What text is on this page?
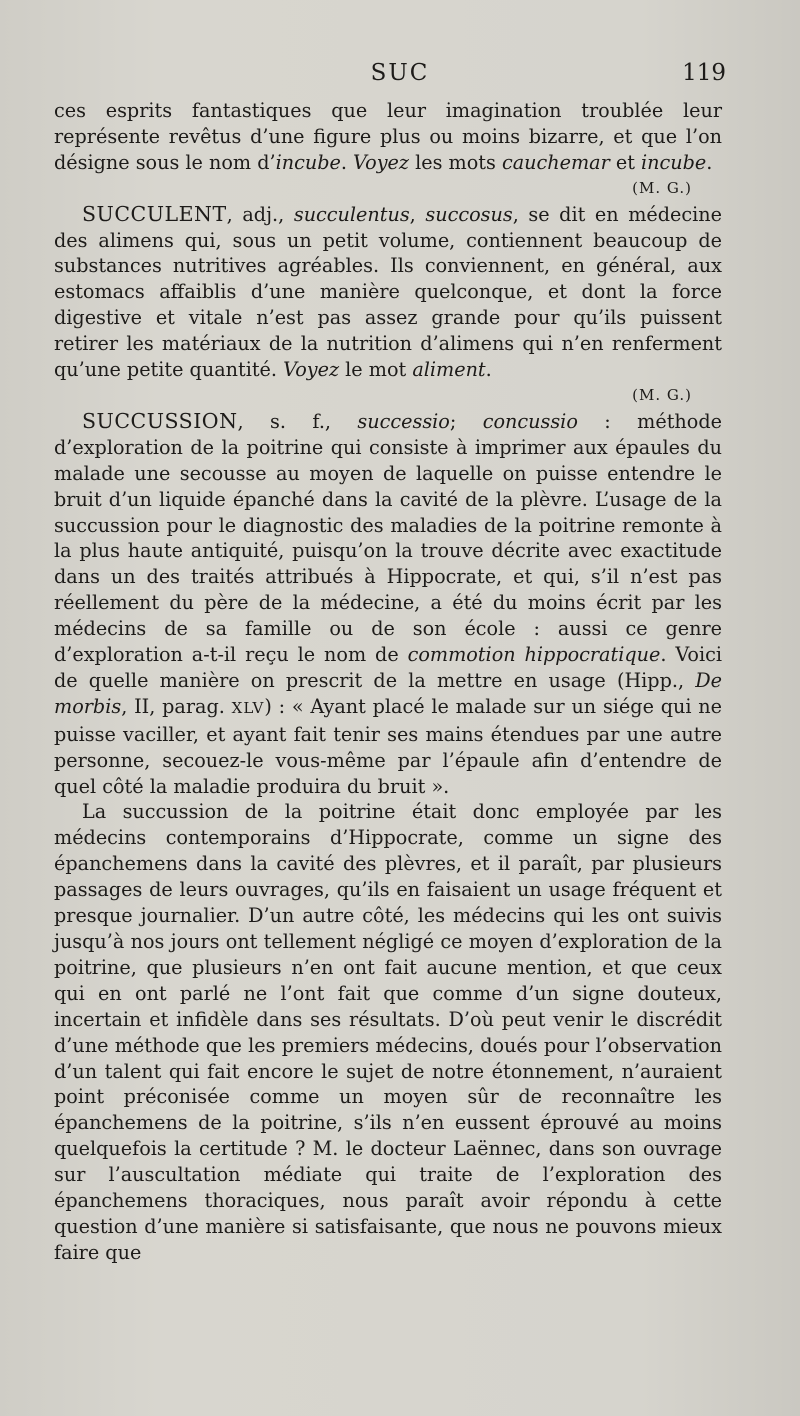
SUC	119

ces esprits fantastiques que leur imagination troublée leur représente revêtus d’une figure plus ou moins bizarre, et que l’on désigne sous le nom d’incube. Voyez les mots cauchemar et incube.

(M. G.)

SUCCULENT, adj., succulentus, succosus, se dit en médecine des alimens qui, sous un petit volume, contiennent beaucoup de substances nutritives agréables. Ils conviennent, en général, aux estomacs affaiblis d’une manière quelconque, et dont la force digestive et vitale n’est pas assez grande pour qu’ils puissent retirer les matériaux de la nutrition d’alimens qui n’en renferment qu’une petite quantité. Voyez le mot aliment.

(M. G.)

SUCCUSSION, s. f., successio; concussio : méthode d’exploration de la poitrine qui consiste à imprimer aux épaules du malade une secousse au moyen de laquelle on puisse entendre le bruit d’un liquide épanché dans la cavité de la plèvre. L’usage de la succussion pour le diagnostic des maladies de la poitrine remonte à la plus haute antiquité, puisqu’on la trouve décrite avec exactitude dans un des traités attribués à Hippocrate, et qui, s’il n’est pas réellement du père de la médecine, a été du moins écrit par les médecins de sa famille ou de son école : aussi ce genre d’exploration a-t-il reçu le nom de commotion hippocratique. Voici de quelle manière on prescrit de la mettre en usage (Hipp., De morbis, II, parag. XLV) : « Ayant placé le malade sur un siége qui ne puisse vaciller, et ayant fait tenir ses mains étendues par une autre personne, secouez-le vous-même par l’épaule afin d’entendre de quel côté la maladie produira du bruit ».

La succussion de la poitrine était donc employée par les médecins contemporains d’Hippocrate, comme un signe des épanchemens dans la cavité des plèvres, et il paraît, par plusieurs passages de leurs ouvrages, qu’ils en faisaient un usage fréquent et presque journalier. D’un autre côté, les médecins qui les ont suivis jusqu’à nos jours ont tellement négligé ce moyen d’exploration de la poitrine, que plusieurs n’en ont fait aucune mention, et que ceux qui en ont parlé ne l’ont fait que comme d’un signe douteux, incertain et infidèle dans ses résultats. D’où peut venir le discrédit d’une méthode que les premiers médecins, doués pour l’observation d’un talent qui fait encore le sujet de notre étonnement, n’auraient point préconisée comme un moyen sûr de reconnaître les épanchemens de la poitrine, s’ils n’en eussent éprouvé au moins quelquefois la certitude ? M. le docteur Laënnec, dans son ouvrage sur l’auscultation médiate qui traite de l’exploration des épanchemens thoraciques, nous paraît avoir répondu à cette question d’une manière si satisfaisante, que nous ne pouvons mieux faire que
